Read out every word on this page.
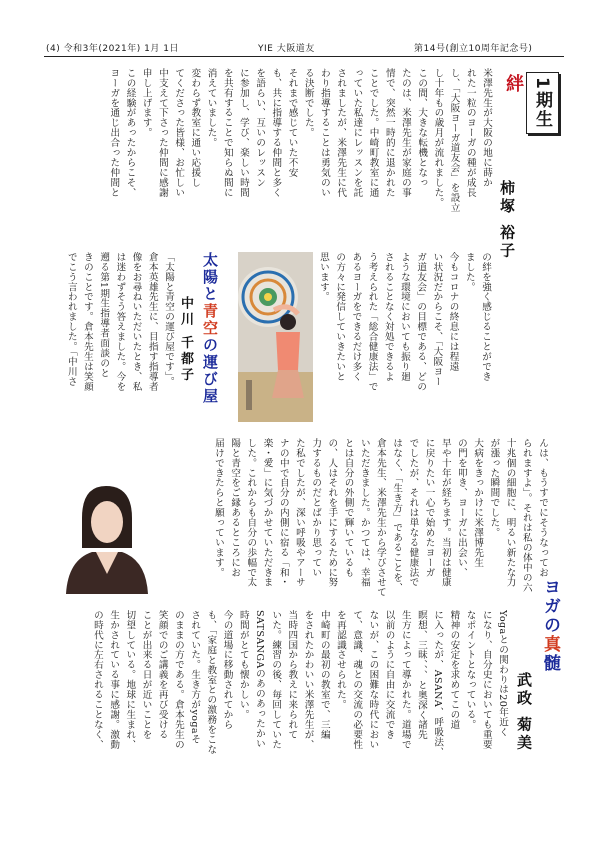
(4) 令和3年(2021年) 1月 1日	YIE 大阪道友	第14号(創立10周年記念号)
1期生
絆
柿塚 裕子
米澤先生が大阪の地に蒔か
れた一粒のヨーガの種が成長
し、「大阪ヨーガ道友会」を設立
し十年もの歳月が流れました。
この間、大きな転機となっ
たのは、米澤先生が家庭の事
情で、突然一時的に退かれた
ことでした。中崎町教室に通
っていた私達にレッスンを託
されましたが、米澤先生に代
わり指導することは勇気のい
る決断でした。
それまで感じていた不安
も、共に指導する仲間と多く
を語らい、互いのレッスン
に参加し、学び、楽しい時間
を共有することで知らぬ間に
消えていました。
変わらず教室に通い応援し
てくださった皆様、お忙しい
中支えて下さった仲間に感謝
申し上げます。
この経験があったからこそ、
ヨーガを通じ出合った仲間と
の絆を強く感じることができ
ました。
今もコロナの終息には程遠
い状況だからこそ、「大阪ヨー
ガ道友会」の目標である、どの
ような環境においても振り廻
されることなく対処できるよ
う考えられた「総合健康法」で
あるヨーガをできるだけ多く
の方々に発信していきたいと
思います。
太陽と青空の運び屋
中川 千都子
「太陽と青空の運び屋です」。
倉本英雄先生に、目指す指導者
像をお尋ねいただいたとき、私
は迷わずそう答えました。今を
遡る第1期生指導者面談のと
きのことです。倉本先生は笑顔
でこう言われました。「中川さ
んは、もうすでにそうなってお
られますよ」。それは私の体中の六
十兆個の細胞に、明るい新たな力
が漲った瞬間でした。
大病をきっかけに米澤博先生
の門を叩き、ヨーガに出会い、
早や十年が経ちます。当初は健康
に戻りたい一心で始めたヨーガ
でしたが、それは単なる健康法で
はなく、「生き方」であることを、
倉本先生、米澤先生から学びさせて
いただきました。かつては、幸福
とは自分の外側で輝いているも
の、人はそれを手にするために努
力するものだとばかり思ってい
た私でしたが、深い呼吸やアーサ
ナの中で自分の内側に宿る「和・
楽・愛」に気づかせていただきま
した。これからも自分の歩幅で太
陽と青空をご縁あるところにお
届けできたらと願っています。
ヨガの真髄
武政 菊美
Yogaとの関わりは20年近く
になり、自分史においても重要
なポイントとなっている。
精神の安定を求めてこの道
に入ったが、ASANA、呼吸法、
瞑想、三昧、、、と奥深く諸先
生方によって導かれた。道場で
以前のように自由に交流でき
ないが、この困難な時代におい
て、意識、魂との交流の必要性
を再認識させられた。
中崎町の最初の教室で、三編
をされたかわいい米澤先生が、
当時四国から教えに来られて
いた。練習の後、毎回していた
SATSANGAのあのあったかい
時間がとても懐かしい。
今の道場に移動されてから
も、「家庭と教室との激務をこな
されていた。生き方がyogaそ
のままの方である。倉本先生の
笑顔でのご講義を再び受ける
ことが出来る日が近いことを
切望している。地球に生まれ、
生かされている事に感謝。激動
の時代に左右されることなく、
